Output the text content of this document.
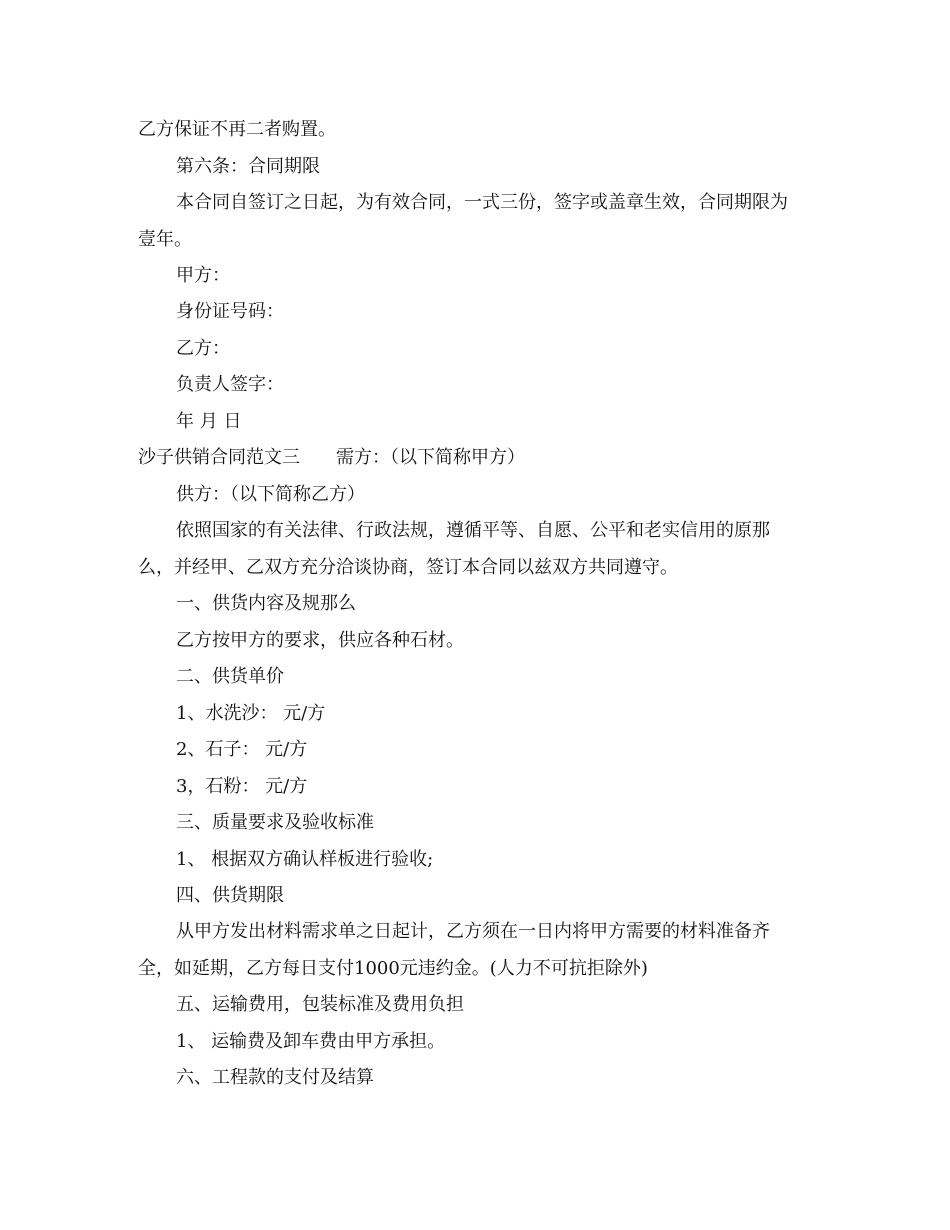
乙方保证不再二者购置。
第六条：合同期限
本合同自签订之日起，为有效合同，一式三份，签字或盖章生效，合同期限为
壹年。
甲方：
身份证号码：
乙方：
负责人签字：
年 月 日
沙子供销合同范文三 需方：（以下简称甲方）
供方：（以下简称乙方）
依照国家的有关法律、行政法规，遵循平等、自愿、公平和老实信用的原那
么，并经甲、乙双方充分洽谈协商，签订本合同以兹双方共同遵守。
一、供货内容及规那么
乙方按甲方的要求，供应各种石材。
二、供货单价
1、水洗沙： 元/方
2、石子： 元/方
3，石粉： 元/方
三、质量要求及验收标准
1、 根据双方确认样板进行验收;
四、供货期限
从甲方发出材料需求单之日起计，乙方须在一日内将甲方需要的材料准备齐
全，如延期，乙方每日支付1000元违约金。(人力不可抗拒除外)
五、运输费用，包装标准及费用负担
1、 运输费及卸车费由甲方承担。
六、工程款的支付及结算
